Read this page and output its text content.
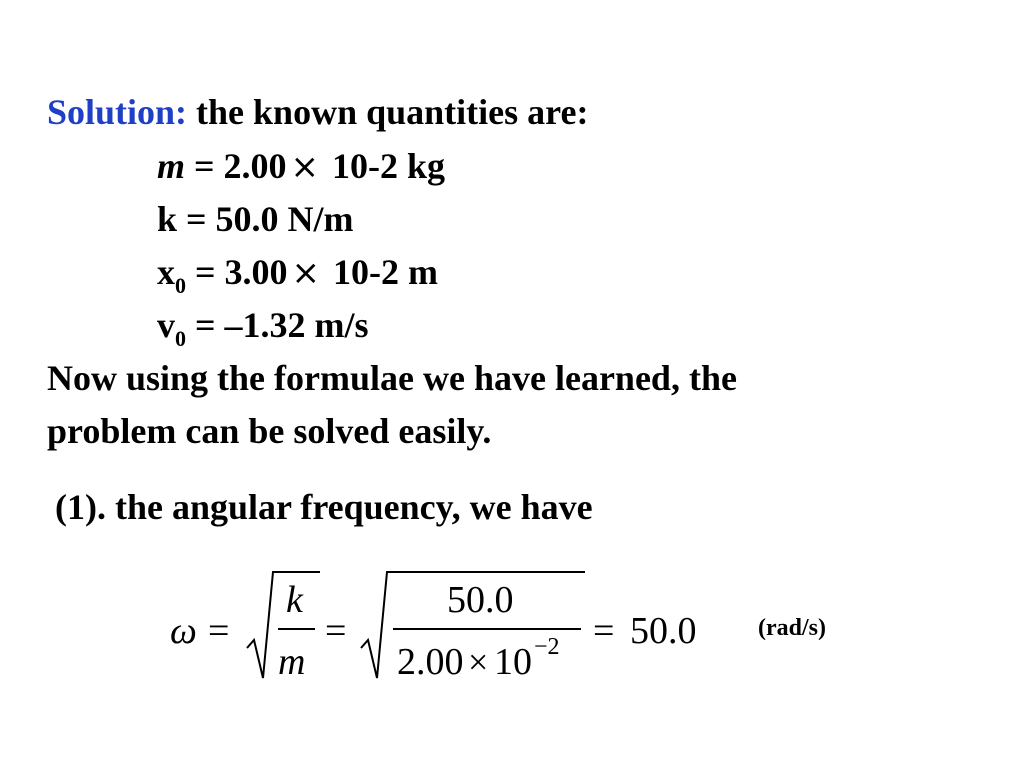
Solution: the known quantities are:
m = 2.00 × 10-2 kg
k = 50.0 N/m
$x_0 = 3.00 \times 10-2$ m
$v_0 = -1.32$ m/s
Now using the formulae we have learned, the
problem can be solved easily.
(1). the angular frequency, we have
ω =
k
m
=
50.0
2.00 × 10 −2 = 50.0	(rad/s)
